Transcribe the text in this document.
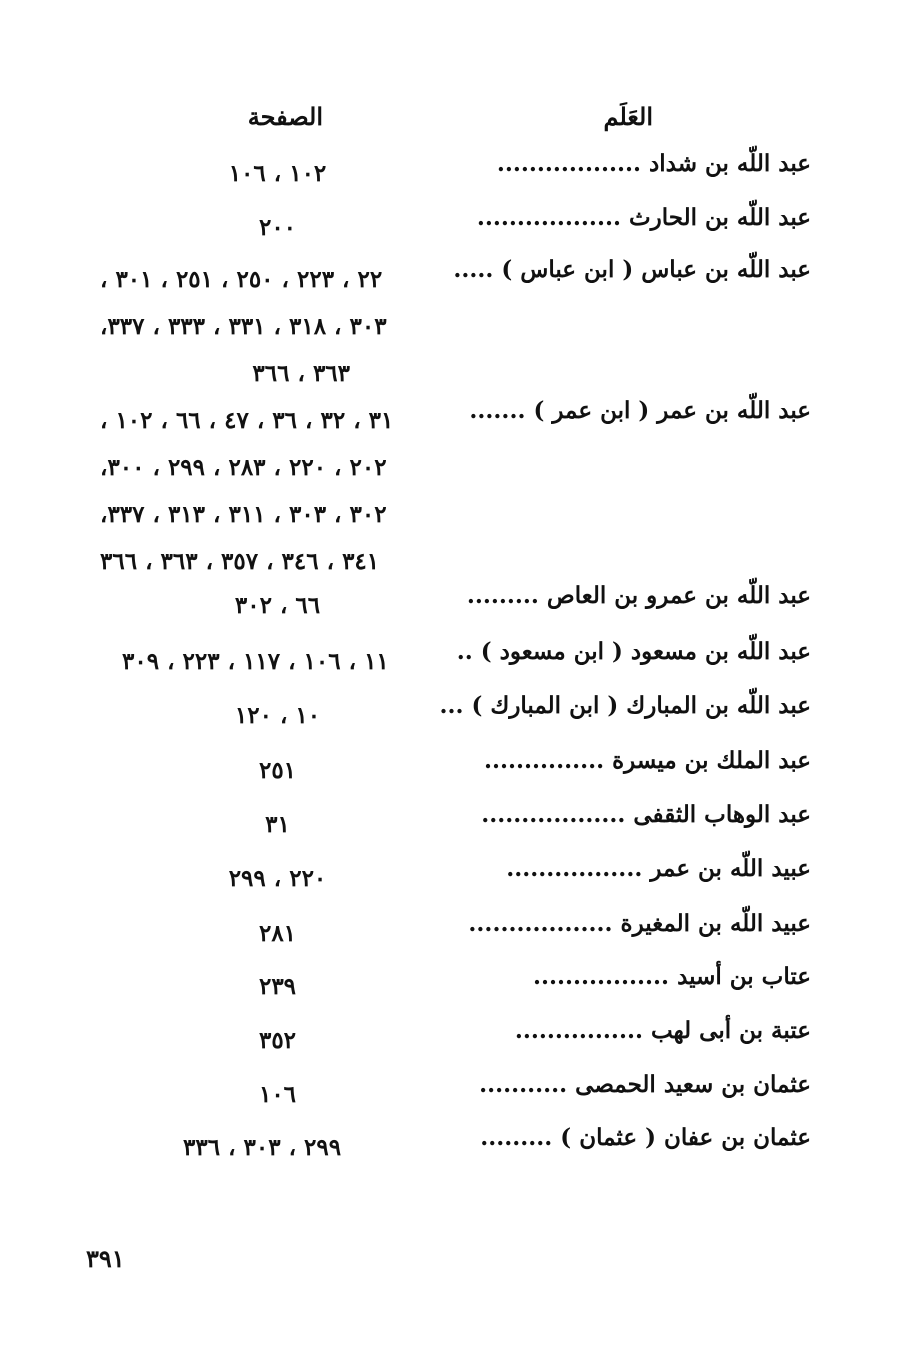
العَلَم
الصفحة
عبد اللّه بن شداد ..................
١٠٢ ، ١٠٦
عبد اللّه بن الحارث ..................
٢٠٠
عبد اللّه بن عباس ( ابن عباس ) .....
٢٢ ، ٢٢٣ ، ٢٥٠ ، ٢٥١ ، ٣٠١ ،
٣٠٣ ، ٣١٨ ، ٣٣١ ، ٣٣٣ ، ٣٣٧،
٣٦٣ ، ٣٦٦
عبد اللّه بن عمر ( ابن عمر ) .......
٣١ ، ٣٢ ، ٣٦ ، ٤٧ ، ٦٦ ، ١٠٢ ،
٢٠٢ ، ٢٢٠ ، ٢٨٣ ، ٢٩٩ ، ٣٠٠،
٣٠٢ ، ٣٠٣ ، ٣١١ ، ٣١٣ ، ٣٣٧،
٣٤١ ، ٣٤٦ ، ٣٥٧ ، ٣٦٣ ، ٣٦٦
عبد اللّه بن عمرو بن العاص .........
٦٦ ، ٣٠٢
عبد اللّه بن مسعود ( ابن مسعود ) ..
١١ ، ١٠٦ ، ١١٧ ، ٢٢٣ ، ٣٠٩
عبد اللّه بن المبارك ( ابن المبارك ) ...
١٠ ، ١٢٠
عبد الملك بن ميسرة ...............
٢٥١
عبد الوهاب الثقفى ..................
٣١
عبيد اللّه بن عمر .................
٢٢٠ ، ٢٩٩
عبيد اللّه بن المغيرة ..................
٢٨١
عتاب بن أسيد .................
٢٣٩
عتبة بن أبى لهب ................
٣٥٢
عثمان بن سعيد الحمصى ...........
١٠٦
عثمان بن عفان ( عثمان ) .........
٢٩٩ ، ٣٠٣ ، ٣٣٦
٣٩١
